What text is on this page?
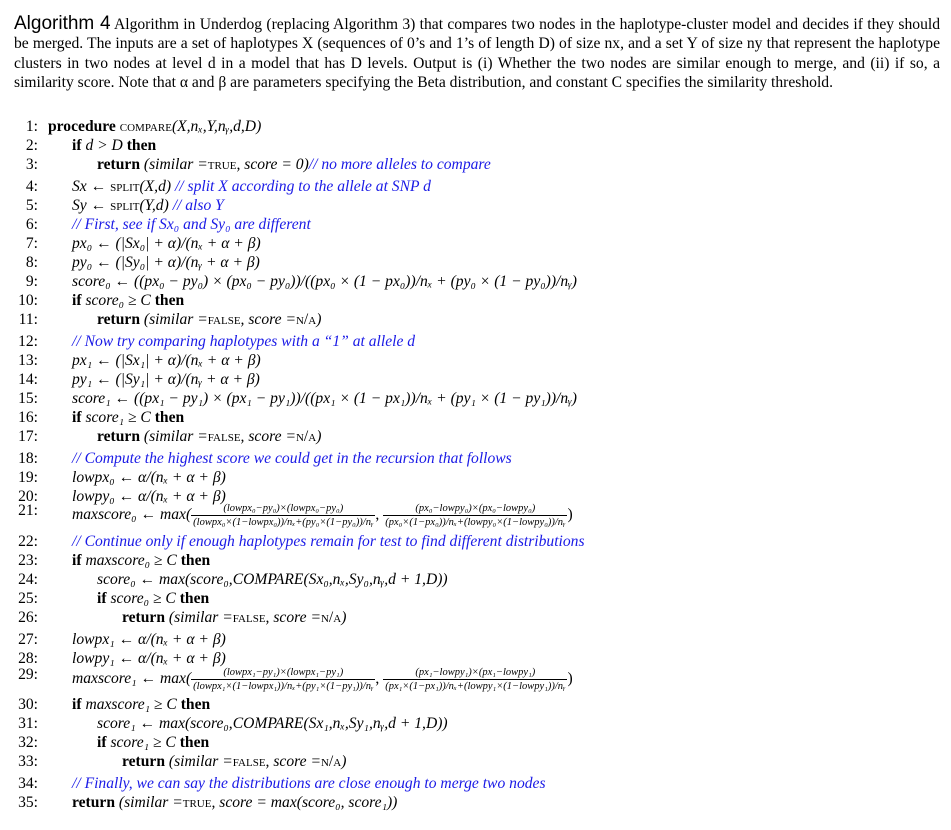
Algorithm 4 Algorithm in Underdog (replacing Algorithm 3) that compares two nodes in the haplotype-cluster model and decides if they should be merged. The inputs are a set of haplotypes X (sequences of 0’s and 1’s of length D) of size nx, and a set Y of size ny that represent the haplotype clusters in two nodes at level d in a model that has D levels. Output is (i) Whether the two nodes are similar enough to merge, and (ii) if so, a similarity score. Note that α and β are parameters specifying the Beta distribution, and constant C specifies the similarity threshold.
1: procedure compare(X,nₓ,Y,nᵧ,d,D)
2: if d > D then
3:	return (similar =true, score = 0)// no more alleles to compare
4: Sx ← split(X,d) // split X according to the allele at SNP d
5: Sy ← split(Y,d) // also Y
6: // First, see if Sx₀ and Sy₀ are different
7: px₀ ← (|Sx₀| + α)/(nₓ + α + β)
8: py₀ ← (|Sy₀| + α)/(nᵧ + α + β)
9: score₀ ← ((px₀ − py₀) × (px₀ − py₀))/((px₀ × (1 − px₀))/nₓ + (py₀ × (1 − py₀))/nᵧ)
10: if score₀ ≥ C then
11:	return (similar =false, score =n/a)
12: // Now try comparing haplotypes with a “1” at allele d
13: px₁ ← (|Sx₁| + α)/(nₓ + α + β)
14: py₁ ← (|Sy₁| + α)/(nᵧ + α + β)
15: score₁ ← ((px₁ − py₁) × (px₁ − py₁))/((px₁ × (1 − px₁))/nₓ + (py₁ × (1 − py₁))/nᵧ)
16: if score₁ ≥ C then
17:	return (similar =false, score =n/a)
18: // Compute the highest score we could get in the recursion that follows
19: lowpx₀ ← α/(nₓ + α + β)
20: lowpy₀ ← α/(nₓ + α + β)
21: maxscore₀ ← $\max( \frac{\text{(lowpx₀−py₀)×(lowpx₀−py₀)}}{\text{(lowpx₀×(1−lowpx₀))/nₓ+(py₀×(1−py₀))/nᵧ}}$ , $\frac{\text{(px₀−lowpy₀)×(px₀−lowpy₀)}}{\text{(px₀×(1−px₀))/nₓ+(lowpy₀×(1−lowpy₀))/nᵧ}}$ )
22: // Continue only if enough haplotypes remain for test to find different distributions
23: if maxscore₀ ≥ C then
24:	score₀ ← max(score₀,COMPARE(Sx₀,nₓ,Sy₀,nᵧ,d + 1,D))
25:	if score₀ ≥ C then
26:	return (similar =false, score =n/a)
27: lowpx₁ ← α/(nₓ + α + β)
28: lowpy₁ ← α/(nₓ + α + β)
29: maxscore₁ ← $\max( \frac{\text{(lowpx₁−py₁)×(lowpx₁−py₁)}}{\text{(lowpx₁×(1−lowpx₁))/nₓ+(py₁×(1−py₁))/nᵧ}}$ , $\frac{\text{(px₁−lowpy₁)×(px₁−lowpy₁)}}{\text{(px₁×(1−px₁))/nₓ+(lowpy₁×(1−lowpy₁))/nᵧ}}$ )
30: if maxscore₁ ≥ C then
31:	score₁ ← max(score₀,COMPARE(Sx₁,nₓ,Sy₁,nᵧ,d + 1,D))
32:	if score₁ ≥ C then
33:	return (similar =false, score =n/a)
34: // Finally, we can say the distributions are close enough to merge two nodes
35: return (similar =true, score = max(score₀, score₁))
